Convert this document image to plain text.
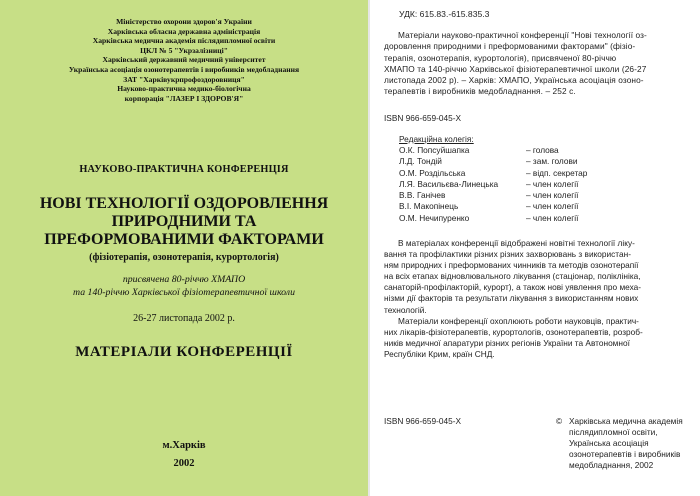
Міністерство охорони здоров'я України
Харківська обласна державна адміністрація
Харківська медична академія післядипломної освіти
ЦКЛ № 5 "Укрзалізниці"
Харківський державний медичний університет
Українська асоціація озонотерапевтів і виробників медобладнання
ЗАТ "Харківукрпрофоздоровниця"
Науково-практична медико-біологічна
корпорація "ЛАЗЕР І ЗДОРОВ'Я"
НАУКОВО-ПРАКТИЧНА КОНФЕРЕНЦІЯ
НОВІ ТЕХНОЛОГІЇ ОЗДОРОВЛЕННЯ
ПРИРОДНИМИ ТА
ПРЕФОРМОВАНИМИ ФАКТОРАМИ
(фізіотерапія, озонотерапія, курортологія)
присвячена 80-річчю ХМАПО
та 140-річчю Харківської фізіотерапевтичної школи
26-27 листопада 2002 р.
МАТЕРІАЛИ КОНФЕРЕНЦІЇ
м.Харків
2002
УДК: 615.83.-615.835.3
Матеріали науково-практичної конференції "Нові технології оз-
доровлення природними і преформованими факторами" (фізіо-
терапія, озонотерапія, курортологія), присвяченої 80-річчю
ХМАПО та 140-річчю Харківської фізіотерапевтичної школи (26-27
листопада 2002 р). – Харків: ХМАПО, Українська асоціація озоно-
терапевтів і виробників медобладнання. – 252 с.
ISBN 966-659-045-X
Редакційна колегія:
О.К. Попсуйшапка	– голова
Л.Д. Тондій	– зам. голови
О.М. Роздільська	– відп. секретар
Л.Я. Васильєва-Линецька	– член колегії
В.В. Ганічев	– член колегії
В.І. Макопінець	– член колегії
О.М. Нечипуренко	– член колегії
В матеріалах конференції відображені новітні технології ліку-
вання та профілактики різних різних захворювань з використан-
ням природних і преформованих чинників та методів озонотерапії
на всіх етапах відновлювального лікування (стаціонар, поліклініка,
санаторій-профілакторій, курорт), а також нові уявлення про меха-
нізми дії факторів та результати лікування з використанням нових
технологій.
Матеріали конференції охоплюють роботи науковців, практич-
них лікарів-фізіотерапевтів, курортологів, озонотерапевтів, розроб-
ників медичної апаратури різних регіонів України та Автономної
Республіки Крим, країн СНД.
ISBN 966-659-045-X	© Харківська медична академія
післядипломної освіти,
Українська асоціація
озонотерапевтів і виробників
медобладнання, 2002
